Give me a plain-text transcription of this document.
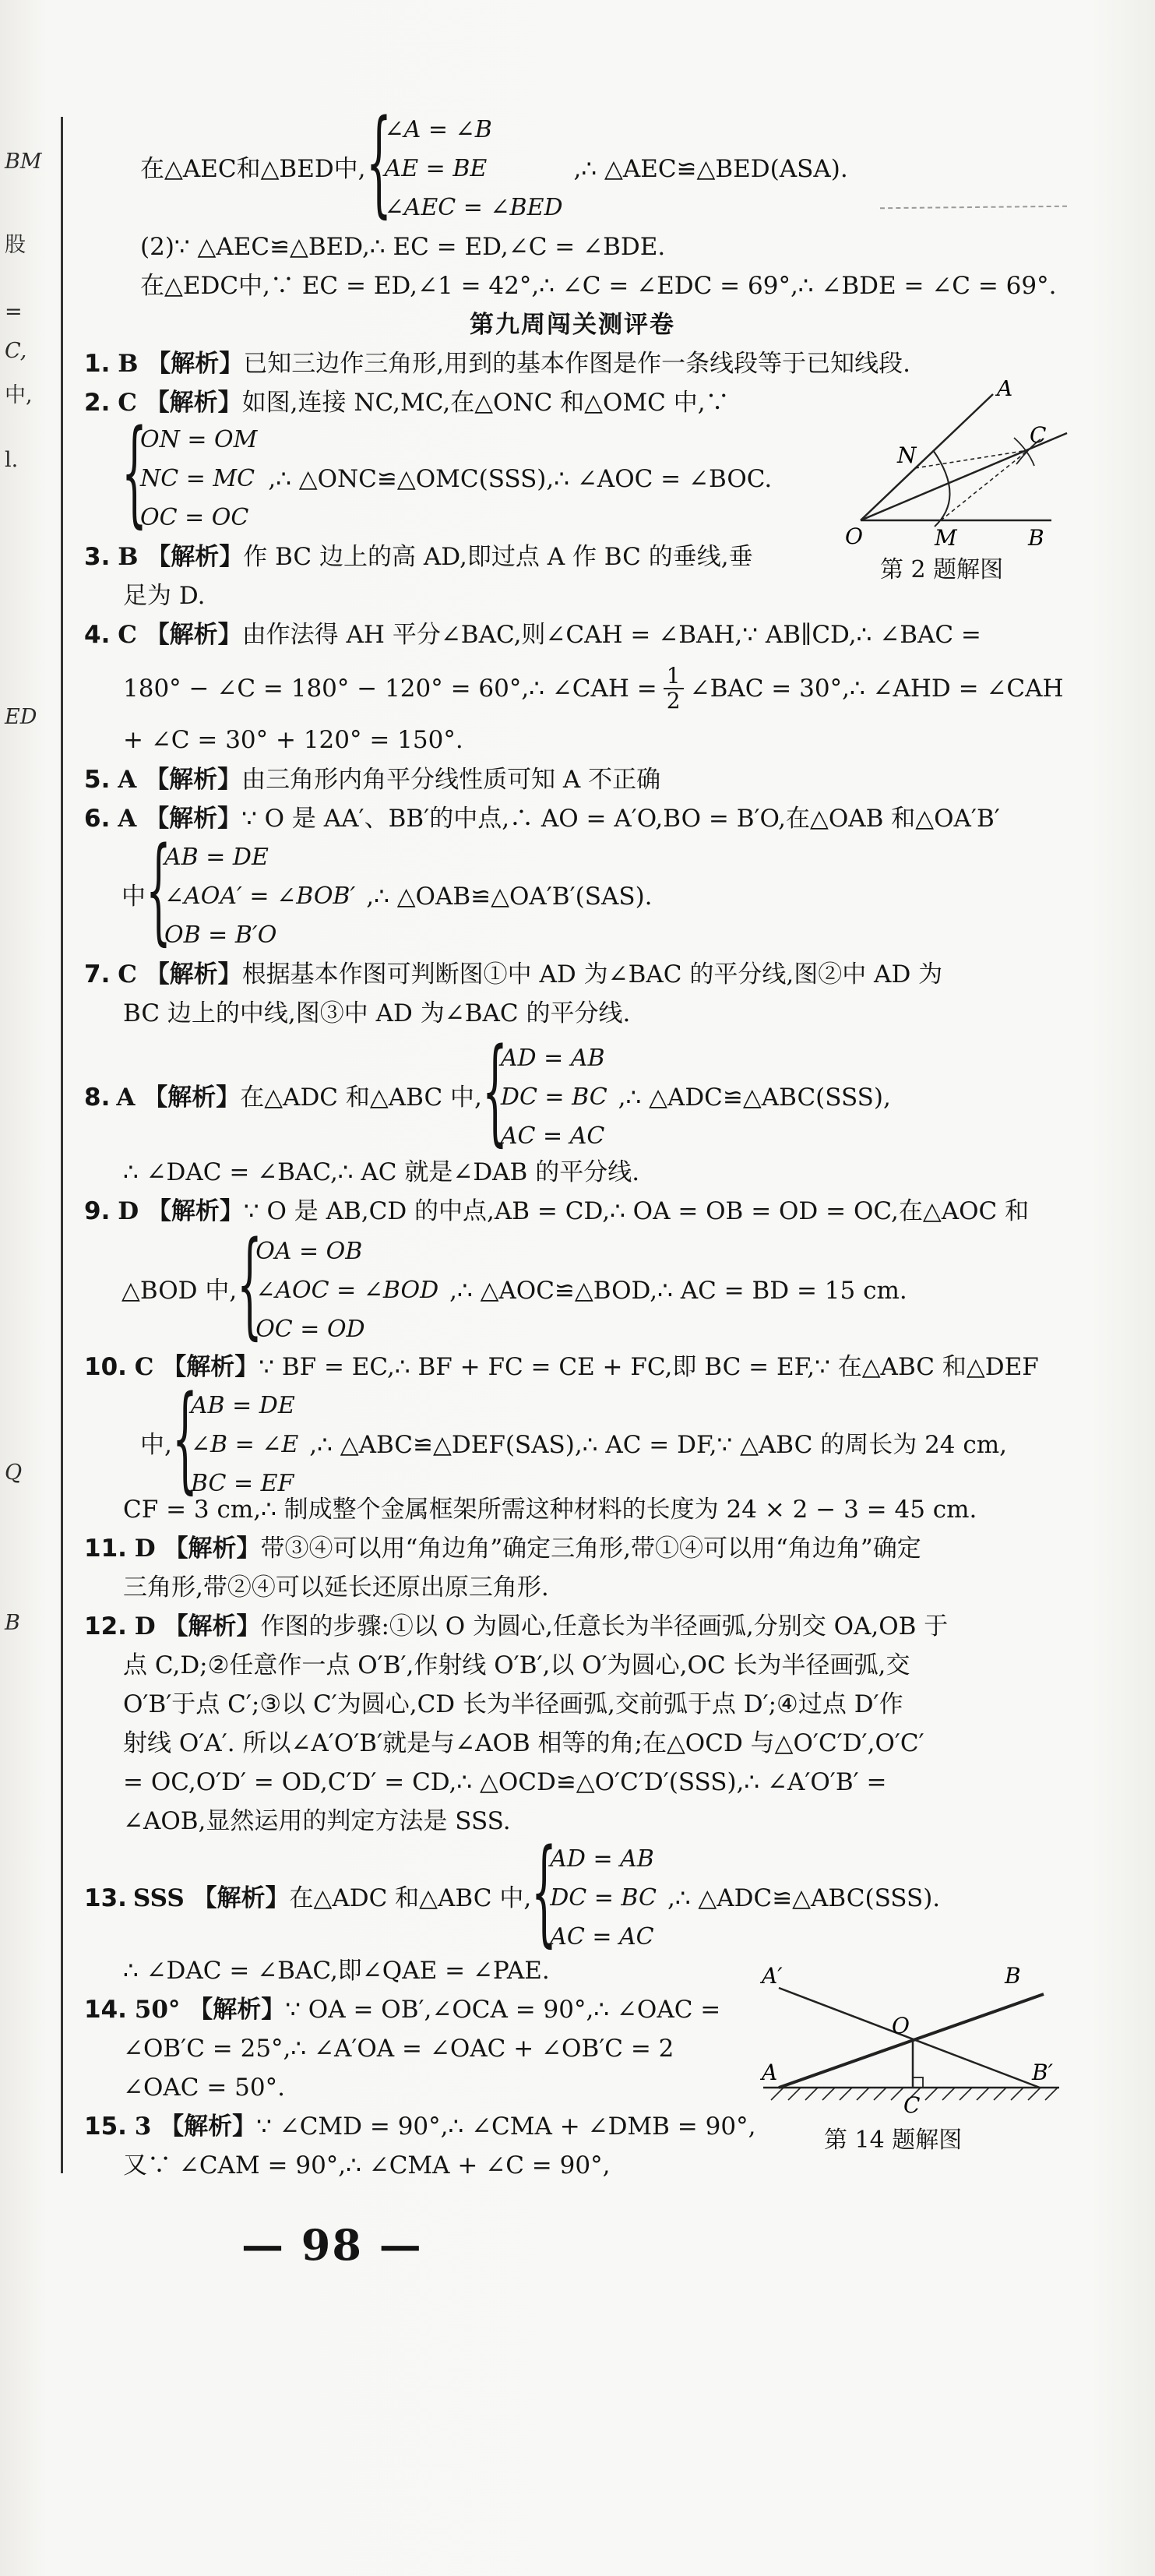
BM
股
=
C,
中,
l.
ED
Q
B
在△AEC和△BED中, {
∠A = ∠B
AE = BE
∠AEC = ∠BED
,∴ △AEC≌△BED(ASA).
(2)∵ △AEC≌△BED,∴ EC = ED,∠C = ∠BDE.
在△EDC中,∵ EC = ED,∠1 = 42°,∴ ∠C = ∠EDC = 69°,∴ ∠BDE = ∠C = 69°.
第九周闯关测评卷
1. B 【解析】已知三边作三角形,用到的基本作图是作一条线段等于已知线段.
2. C 【解析】如图,连接 NC,MC,在△ONC 和△OMC 中,∵
{
ON = OM
NC = MC
OC = OC
,∴ △ONC≌△OMC(SSS),∴ ∠AOC = ∠BOC.
3. B 【解析】作 BC 边上的高 AD,即过点 A 作 BC 的垂线,垂
足为 D.
4. C 【解析】由作法得 AH 平分∠BAC,则∠CAH = ∠BAH,∵ AB∥CD,∴ ∠BAC =
180° − ∠C = 180° − 120° = 60°,∴ ∠CAH = $\frac{1}{2}$ ∠BAC = 30°,∴ ∠AHD = ∠CAH
+ ∠C = 30° + 120° = 150°.
5. A 【解析】由三角形内角平分线性质可知 A 不正确
6. A 【解析】∵ O 是 AA′、BB′的中点,∴ AO = A′O,BO = B′O,在△OAB 和△OA′B′
中 {
AB = DE
∠AOA′ = ∠BOB′
OB = B′O
,∴ △OAB≌△OA′B′(SAS).
7. C 【解析】根据基本作图可判断图①中 AD 为∠BAC 的平分线,图②中 AD 为
BC 边上的中线,图③中 AD 为∠BAC 的平分线.
8. A 【解析】 在△ADC 和△ABC 中, {
AD = AB
DC = BC
AC = AC
,∴ △ADC≌△ABC(SSS),
∴ ∠DAC = ∠BAC,∴ AC 就是∠DAB 的平分线.
9. D 【解析】∵ O 是 AB,CD 的中点,AB = CD,∴ OA = OB = OD = OC,在△AOC 和
△BOD 中, {
OA = OB
∠AOC = ∠BOD
OC = OD
,∴ △AOC≌△BOD,∴ AC = BD = 15 cm.
10. C 【解析】∵ BF = EC,∴ BF + FC = CE + FC,即 BC = EF,∵ 在△ABC 和△DEF
中, {
AB = DE
∠B = ∠E
BC = EF
,∴ △ABC≌△DEF(SAS),∴ AC = DF,∵ △ABC 的周长为 24 cm,
CF = 3 cm,∴ 制成整个金属框架所需这种材料的长度为 24 × 2 − 3 = 45 cm.
11. D 【解析】带③④可以用“角边角”确定三角形,带①④可以用“角边角”确定
三角形,带②④可以延长还原出原三角形.
12. D 【解析】作图的步骤:①以 O 为圆心,任意长为半径画弧,分别交 OA,OB 于
点 C,D;②任意作一点 O′B′,作射线 O′B′,以 O′为圆心,OC 长为半径画弧,交
O′B′于点 C′;③以 C′为圆心,CD 长为半径画弧,交前弧于点 D′;④过点 D′作
射线 O′A′. 所以∠A′O′B′就是与∠AOB 相等的角;在△OCD 与△O′C′D′,O′C′
= OC,O′D′ = OD,C′D′ = CD,∴ △OCD≌△O′C′D′(SSS),∴ ∠A′O′B′ =
∠AOB,显然运用的判定方法是 SSS.
13. SSS 【解析】 在△ADC 和△ABC 中, {
AD = AB
DC = BC
AC = AC
,∴ △ADC≌△ABC(SSS).
∴ ∠DAC = ∠BAC,即∠QAE = ∠PAE.
14. 50° 【解析】∵ OA = OB′,∠OCA = 90°,∴ ∠OAC =
∠OB′C = 25°,∴ ∠A′OA = ∠OAC + ∠OB′C = 2
∠OAC = 50°.
15. 3 【解析】∵ ∠CMD = 90°,∴ ∠CMA + ∠DMB = 90°,
又∵ ∠CAM = 90°,∴ ∠CMA + ∠C = 90°,
A
C
N
O	M	B
第 2 题解图
A′	B
O
A
C
B′
第 14 题解图
— 98 —
